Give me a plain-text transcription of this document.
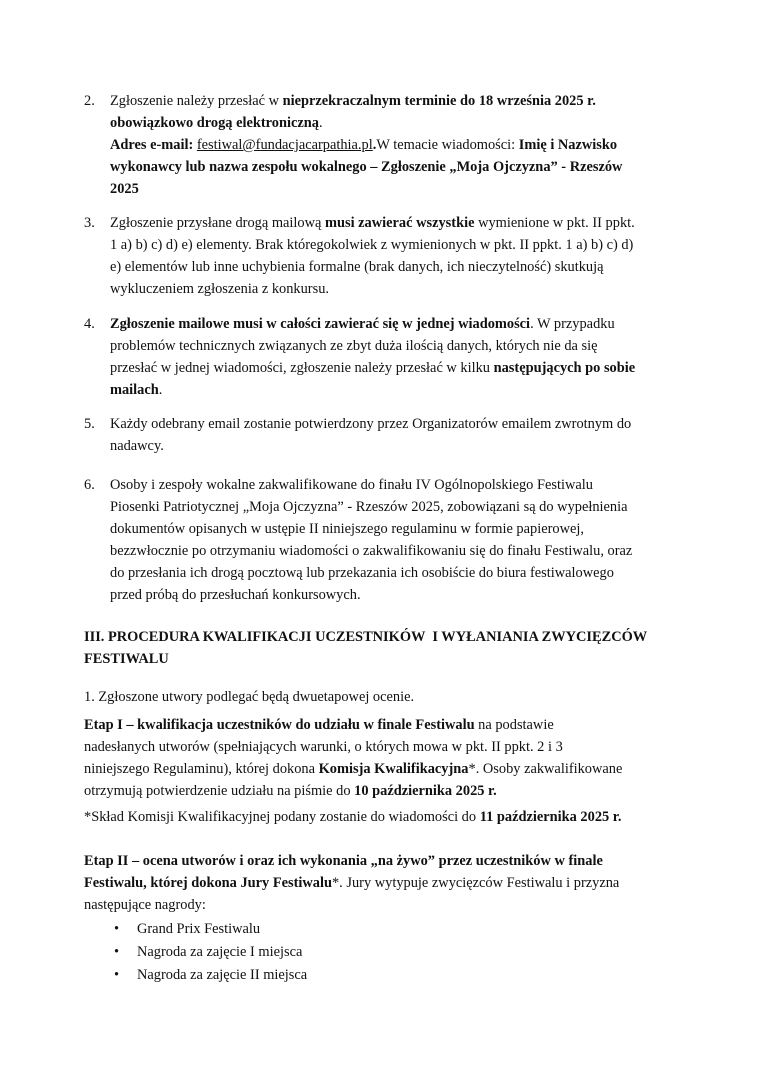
2.	Zgłoszenie należy przesłać w nieprzekraczalnym terminie do 18 września 2025 r.
obowiązkowo drogą elektroniczną.
Adres e-mail: festiwal@fundacjacarpathia.pl.W temacie wiadomości: Imię i Nazwisko
wykonawcy lub nazwa zespołu wokalnego – Zgłoszenie „Moja Ojczyzna” - Rzeszów
2025
3.	Zgłoszenie przysłane drogą mailową musi zawierać wszystkie wymienione w pkt. II ppkt.
1 a) b) c) d) e) elementy. Brak któregokolwiek z wymienionych w pkt. II ppkt. 1 a) b) c) d)
e) elementów lub inne uchybienia formalne (brak danych, ich nieczytelność) skutkują
wykluczeniem zgłoszenia z konkursu.
4.	Zgłoszenie mailowe musi w całości zawierać się w jednej wiadomości. W przypadku
problemów technicznych związanych ze zbyt duża ilością danych, których nie da się
przesłać w jednej wiadomości, zgłoszenie należy przesłać w kilku następujących po sobie
mailach.
5.	Każdy odebrany email zostanie potwierdzony przez Organizatorów emailem zwrotnym do
nadawcy.
6.	Osoby i zespoły wokalne zakwalifikowane do finału IV Ogólnopolskiego Festiwalu
Piosenki Patriotycznej „Moja Ojczyzna” - Rzeszów 2025, zobowiązani są do wypełnienia
dokumentów opisanych w ustępie II niniejszego regulaminu w formie papierowej,
bezzwłocznie po otrzymaniu wiadomości o zakwalifikowaniu się do finału Festiwalu, oraz
do przesłania ich drogą pocztową lub przekazania ich osobiście do biura festiwalowego
przed próbą do przesłuchań konkursowych.
III. PROCEDURA KWALIFIKACJI UCZESTNIKÓW  I WYŁANIANIA ZWYCIĘZCÓW
FESTIWALU
1. Zgłoszone utwory podlegać będą dwuetapowej ocenie.
Etap I – kwalifikacja uczestników do udziału w finale Festiwalu na podstawie
nadesłanych utworów (spełniających warunki, o których mowa w pkt. II ppkt. 2 i 3
niniejszego Regulaminu), której dokona Komisja Kwalifikacyjna*. Osoby zakwalifikowane
otrzymują potwierdzenie udziału na piśmie do 10 października 2025 r.
*Skład Komisji Kwalifikacyjnej podany zostanie do wiadomości do 11 października 2025 r.
Etap II – ocena utworów i oraz ich wykonania „na żywo” przez uczestników w finale
Festiwalu, której dokona Jury Festiwalu*. Jury wytypuje zwycięzców Festiwalu i przyzna
następujące nagrody:
• Grand Prix Festiwalu
• Nagroda za zajęcie I miejsca
• Nagroda za zajęcie II miejsca
